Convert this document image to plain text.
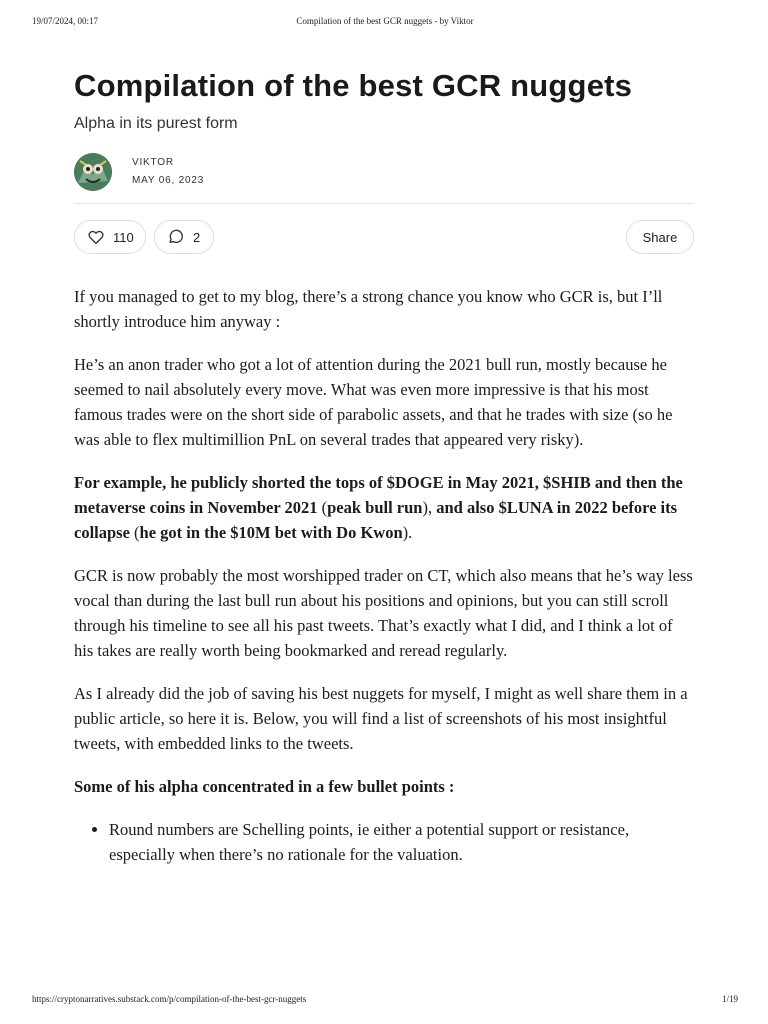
19/07/2024, 00:17	Compilation of the best GCR nuggets - by Viktor
Compilation of the best GCR nuggets
Alpha in its purest form
VIKTOR
MAY 06, 2023
110	2	Share

If you managed to get to my blog, there’s a strong chance you know who GCR is, but I’ll shortly introduce him anyway :

He’s an anon trader who got a lot of attention during the 2021 bull run, mostly because he seemed to nail absolutely every move. What was even more impressive is that his most famous trades were on the short side of parabolic assets, and that he trades with size (so he was able to flex multimillion PnL on several trades that appeared very risky).

For example, he publicly shorted the tops of $DOGE in May 2021, $SHIB and then the metaverse coins in November 2021 (peak bull run), and also $LUNA in 2022 before its collapse (he got in the $10M bet with Do Kwon).

GCR is now probably the most worshipped trader on CT, which also means that he’s way less vocal than during the last bull run about his positions and opinions, but you can still scroll through his timeline to see all his past tweets. That’s exactly what I did, and I think a lot of his takes are really worth being bookmarked and reread regularly.

As I already did the job of saving his best nuggets for myself, I might as well share them in a public article, so here it is. Below, you will find a list of screenshots of his most insightful tweets, with embedded links to the tweets.

Some of his alpha concentrated in a few bullet points :

• Round numbers are Schelling points, ie either a potential support or resistance, especially when there’s no rationale for the valuation.
https://cryptonarratives.substack.com/p/compilation-of-the-best-gcr-nuggets	1/19
